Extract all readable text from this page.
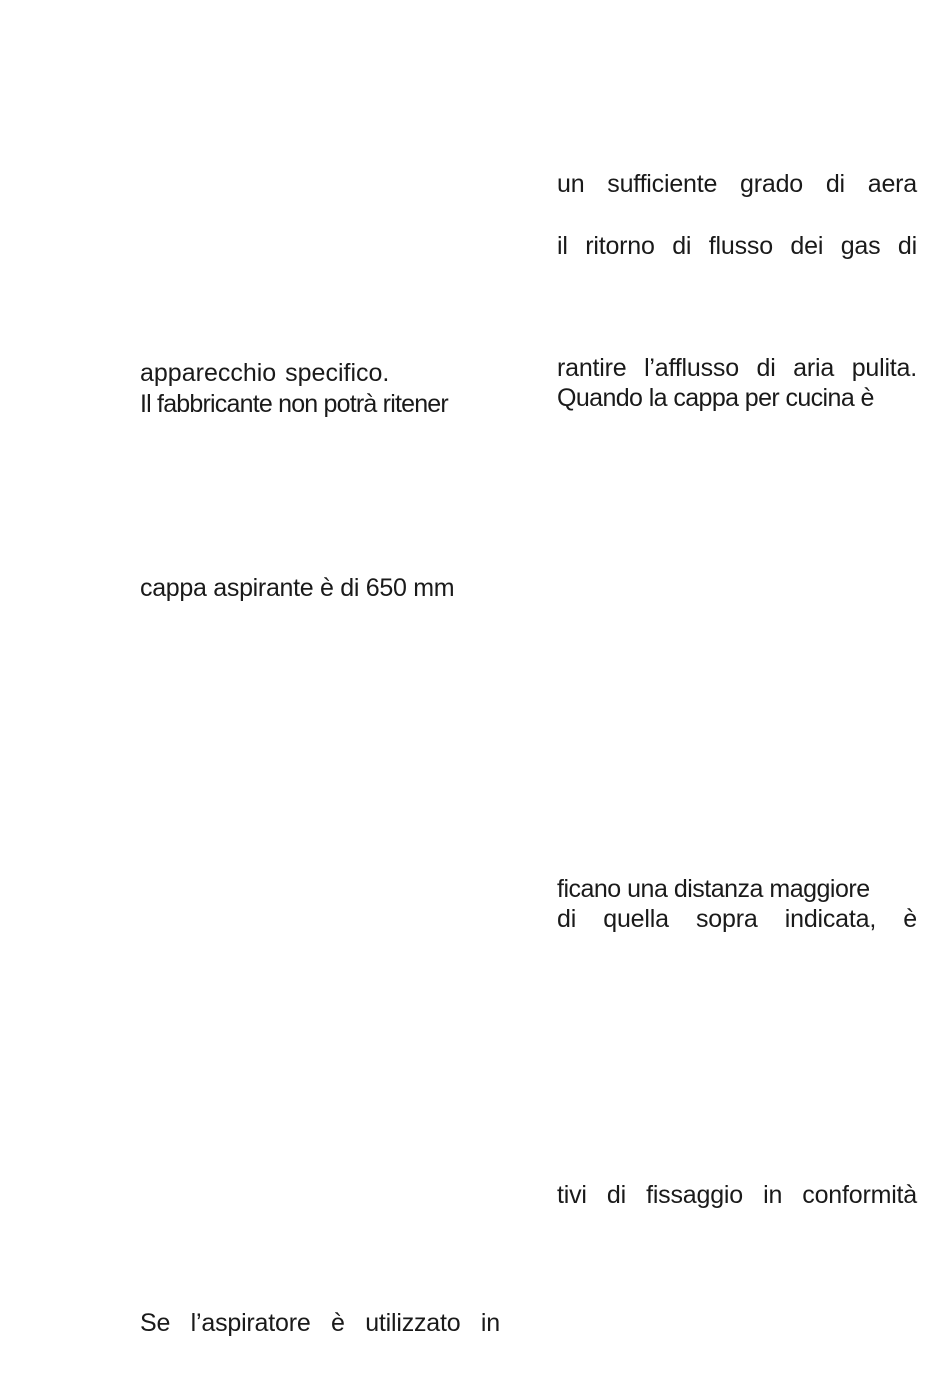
un sufficiente grado di aera
il ritorno di flusso dei gas di
apparecchio specifico.
Il fabbricante non potrà ritener
rantire l’afflusso di aria pulita.
Quando la cappa per cucina è
cappa aspirante è di 650 mm
ficano una distanza maggiore
di quella sopra indicata, è
tivi di fissaggio in conformità
Se l’aspiratore è utilizzato in
